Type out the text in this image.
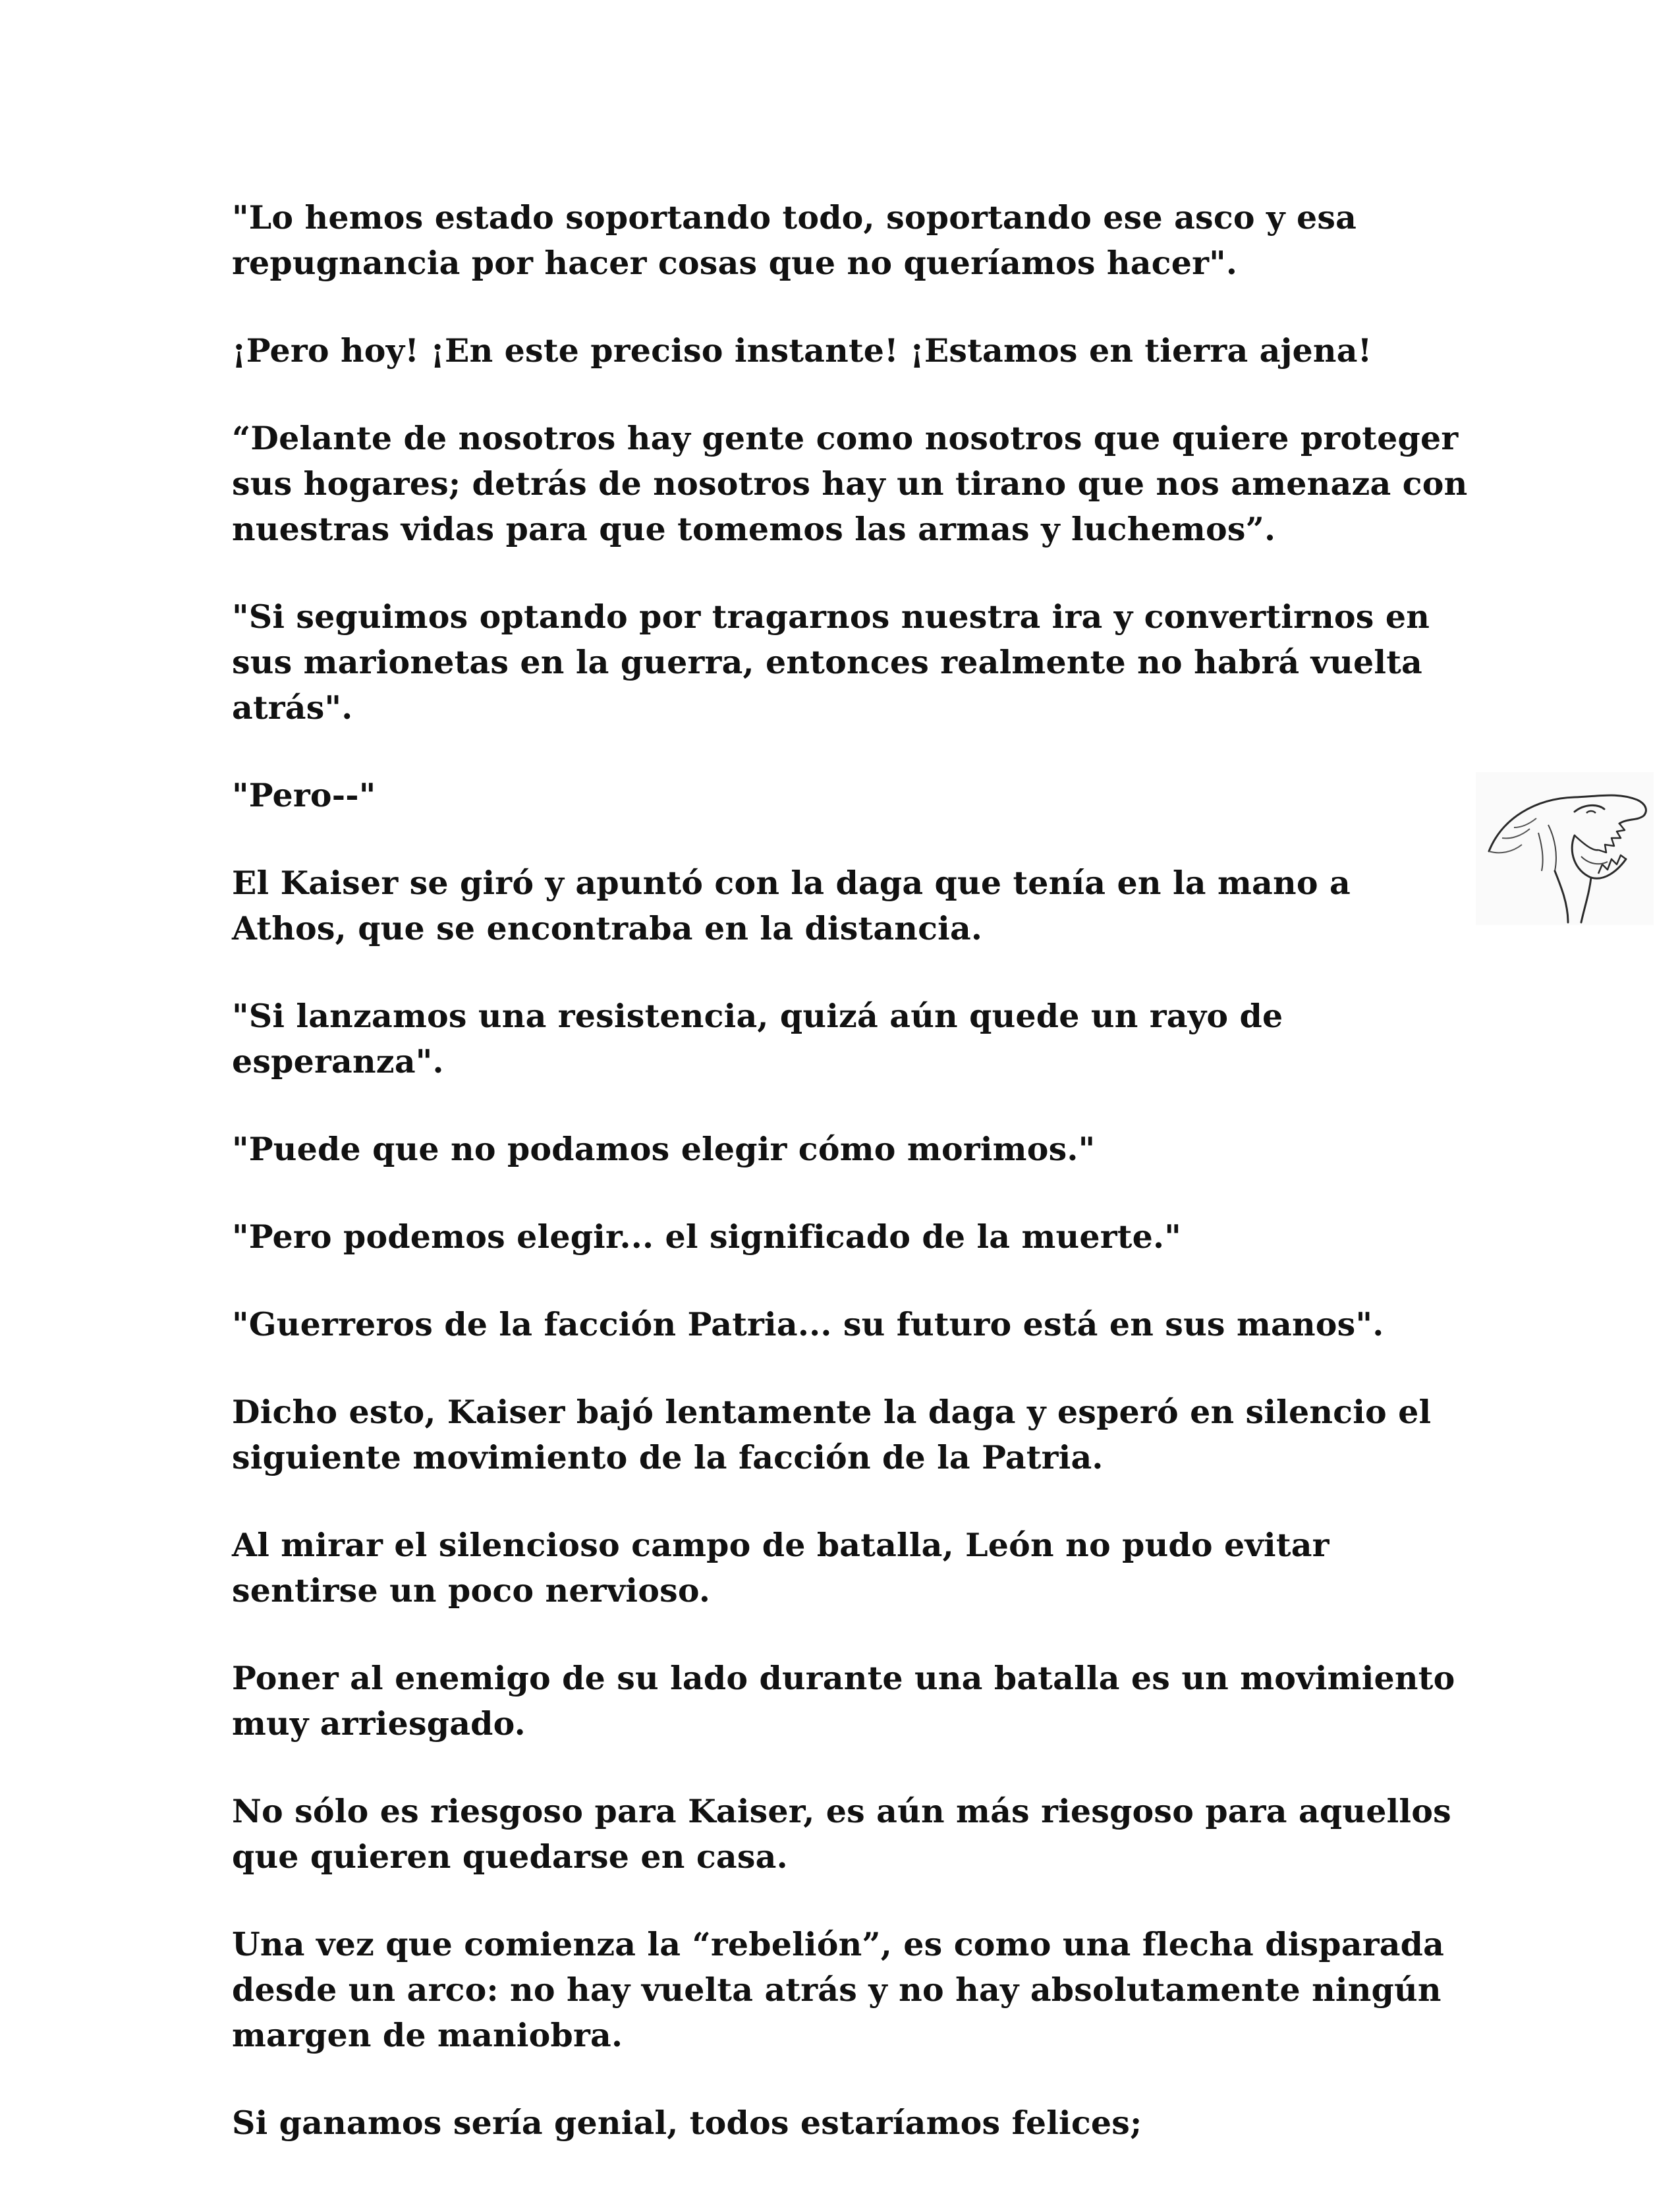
"Lo hemos estado soportando todo, soportando ese asco y esa repugnancia por hacer cosas que no queríamos hacer".

¡Pero hoy! ¡En este preciso instante! ¡Estamos en tierra ajena!

“Delante de nosotros hay gente como nosotros que quiere proteger sus hogares; detrás de nosotros hay un tirano que nos amenaza con nuestras vidas para que tomemos las armas y luchemos”.

"Si seguimos optando por tragarnos nuestra ira y convertirnos en sus marionetas en la guerra, entonces realmente no habrá vuelta atrás".

"Pero--"

El Kaiser se giró y apuntó con la daga que tenía en la mano a Athos, que se encontraba en la distancia.

"Si lanzamos una resistencia, quizá aún quede un rayo de esperanza".

"Puede que no podamos elegir cómo morimos."

"Pero podemos elegir... el significado de la muerte."

"Guerreros de la facción Patria... su futuro está en sus manos".

Dicho esto, Kaiser bajó lentamente la daga y esperó en silencio el siguiente movimiento de la facción de la Patria.

Al mirar el silencioso campo de batalla, León no pudo evitar sentirse un poco nervioso.

Poner al enemigo de su lado durante una batalla es un movimiento muy arriesgado.

No sólo es riesgoso para Kaiser, es aún más riesgoso para aquellos que quieren quedarse en casa.

Una vez que comienza la “rebelión”, es como una flecha disparada desde un arco: no hay vuelta atrás y no hay absolutamente ningún margen de maniobra.

Si ganamos sería genial, todos estaríamos felices;
